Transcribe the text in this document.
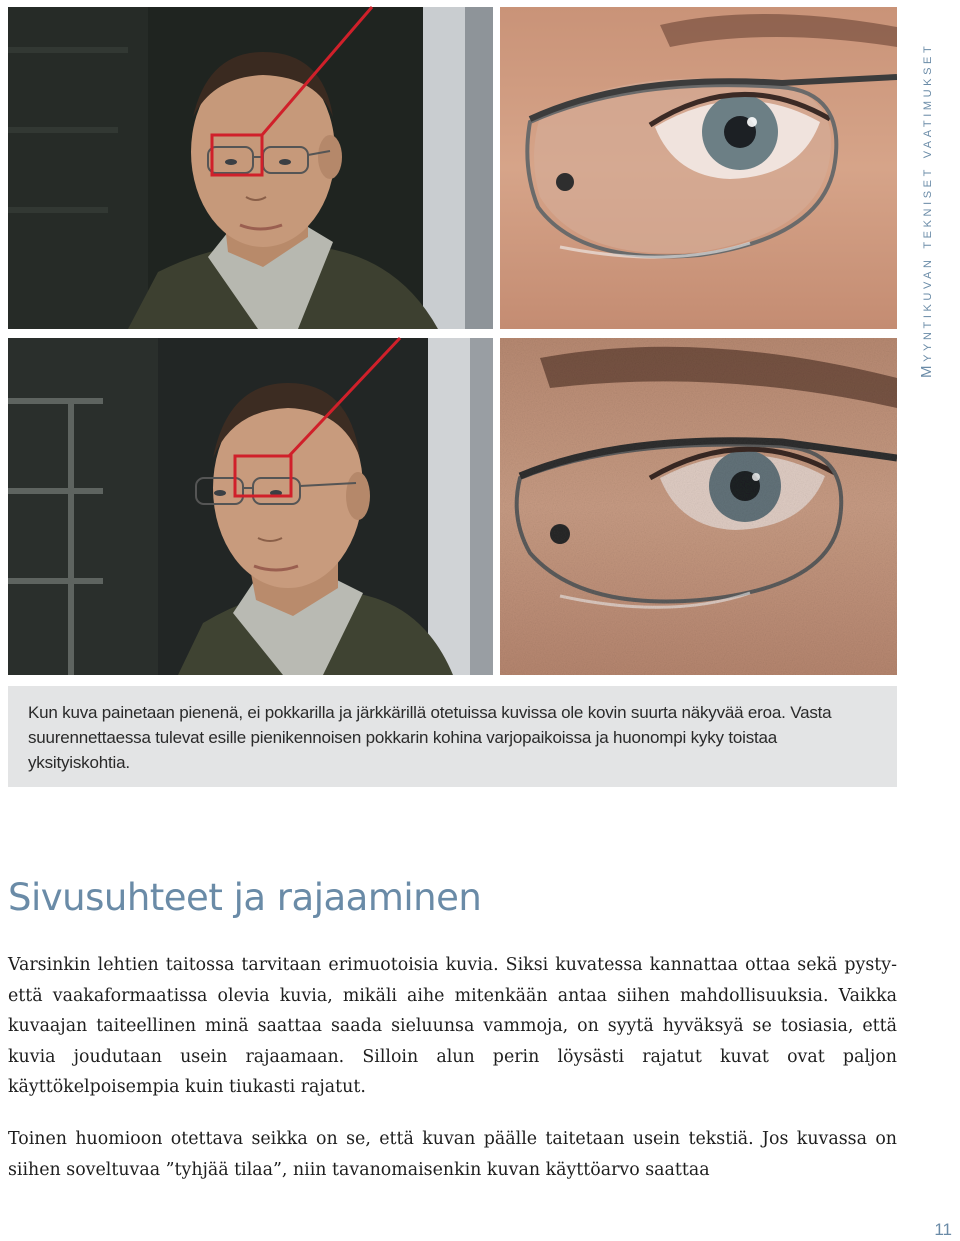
Kun kuva painetaan pienenä, ei pokkarilla ja järkkärillä otetuissa kuvissa ole kovin suurta näkyvää eroa. Vasta suurennettaessa tulevat esille pienikennoisen pokkarin kohina varjopaikoissa ja huonompi kyky toistaa yksityiskohtia.

Sivusuhteet ja rajaaminen

Varsinkin lehtien taitossa tarvitaan erimuotoisia kuvia. Siksi kuvatessa kannattaa ottaa sekä pysty- että vaakaformaatissa olevia kuvia, mikäli aihe mitenkään antaa siihen mahdollisuuksia. Vaikka kuvaajan taiteellinen minä saattaa saada sieluunsa vammoja, on syytä hyväksyä se tosiasia, että kuvia joudutaan usein rajaamaan. Silloin alun perin löysästi rajatut kuvat ovat paljon käyttökelpoisempia kuin tiukasti rajatut.

Toinen huomioon otettava seikka on se, että kuvan päälle taitetaan usein tekstiä. Jos kuvassa on siihen soveltuvaa ”tyhjää tilaa”, niin tavanomaisenkin kuvan käyttöarvo saattaa

Myyntikuvan tekniset vaatimukset

11
